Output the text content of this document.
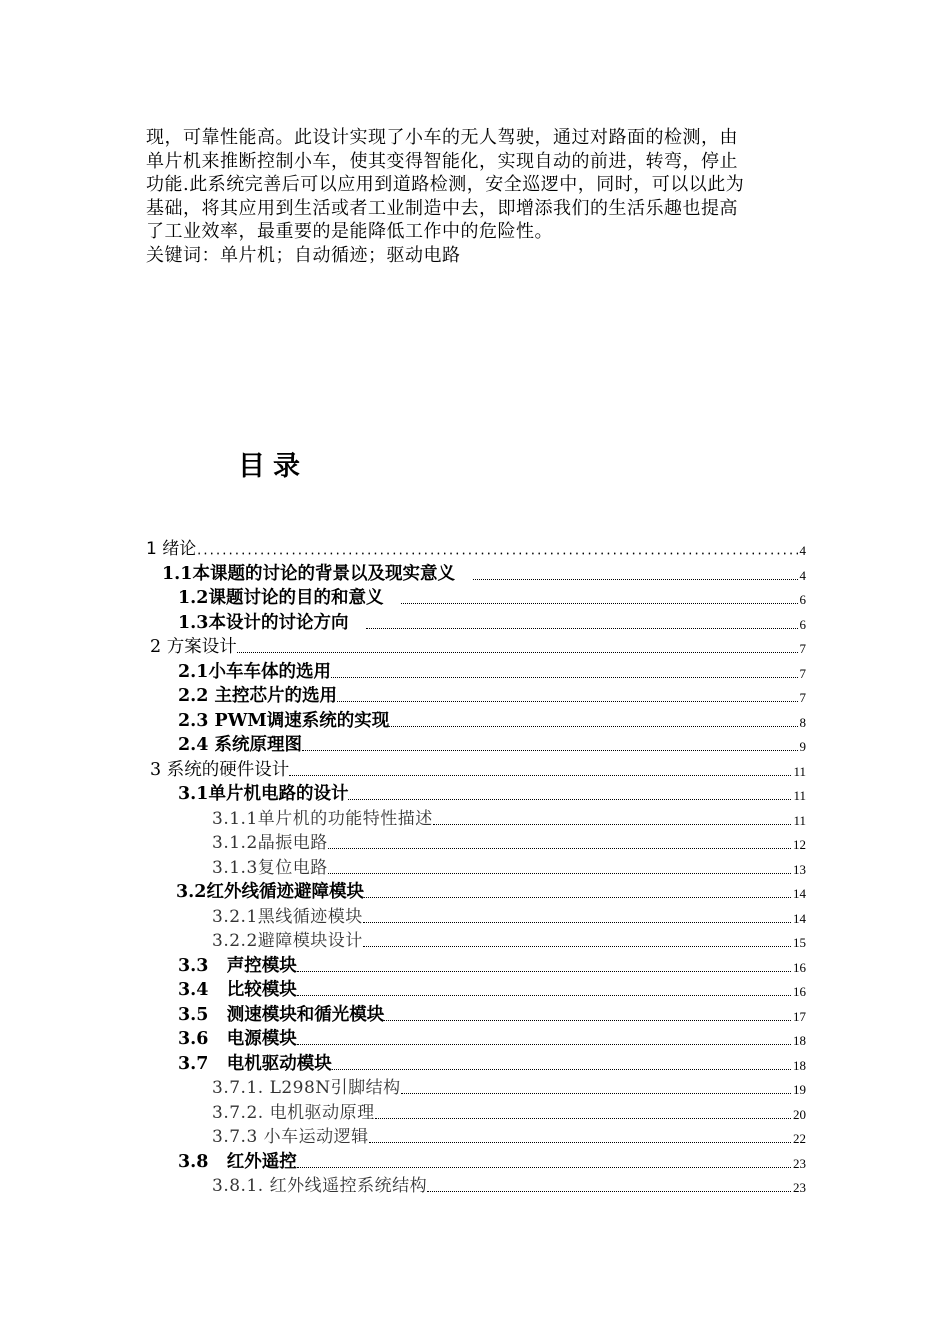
现，可靠性能高。此设计实现了小车的无人驾驶，通过对路面的检测，由

单片机来推断控制小车，使其变得智能化，实现自动的前进，转弯，停止

功能.此系统完善后可以应用到道路检测，安全巡逻中，同时，可以以此为

基础，将其应用到生活或者工业制造中去，即增添我们的生活乐趣也提高

了工业效率，最重要的是能降低工作中的危险性。

关键词：单片机；自动循迹；驱动电路

目录
1 绪论	4
1.1本课题的讨论的背景以及现实意义	4
1.2课题讨论的目的和意义	6
1.3本设计的讨论方向	6
2 方案设计	7
2.1小车车体的选用	7
2.2 主控芯片的选用	7
2.3 PWM调速系统的实现	8
2.4 系统原理图	9
3 系统的硬件设计	11
3.1单片机电路的设计	11
3.1.1单片机的功能特性描述	11
3.1.2晶振电路	12
3.1.3复位电路	13
3.2红外线循迹避障模块	14
3.2.1黑线循迹模块	14
3.2.2避障模块设计	15
3.3   声控模块	16
3.4   比较模块	16
3.5   测速模块和循光模块	17
3.6   电源模块	18
3.7   电机驱动模块	18
3.7.1. L298N引脚结构	19
3.7.2. 电机驱动原理	20
3.7.3 小车运动逻辑	22
3.8   红外遥控	23
3.8.1. 红外线遥控系统结构	23
